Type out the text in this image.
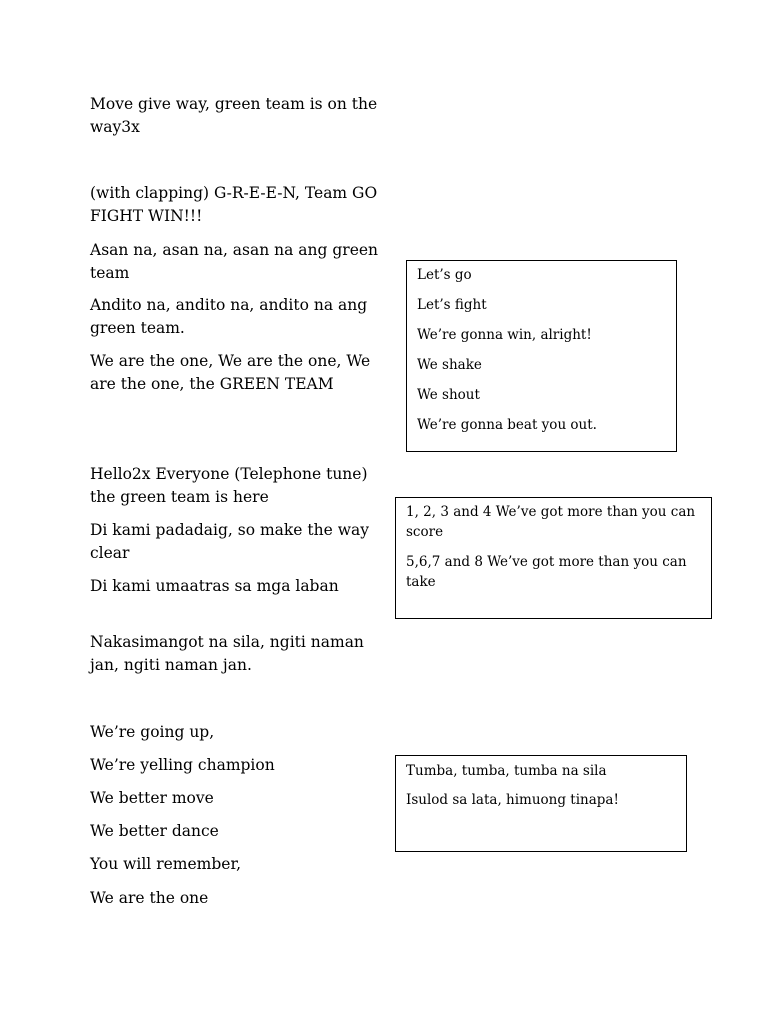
Move give way, green team is on the way3x

(with clapping) G-R-E-E-N, Team GO FIGHT WIN!!!

Asan na, asan na, asan na ang green team

Andito na, andito na, andito na ang green team.

We are the one, We are the one, We are the one, the GREEN TEAM

Hello2x Everyone (Telephone tune) the green team is here

Di kami padadaig, so make the way clear

Di kami umaatras sa mga laban

Nakasimangot na sila, ngiti naman jan, ngiti naman jan.

We’re going up,

We’re yelling champion

We better move

We better dance

You will remember,

We are the one

Let’s go

Let’s fight

We’re gonna win, alright!

We shake

We shout

We’re gonna beat you out.

1, 2, 3 and 4 We’ve got more than you can score

5,6,7 and 8 We’ve got more than you can take

Tumba, tumba, tumba na sila

Isulod sa lata, himuong tinapa!
